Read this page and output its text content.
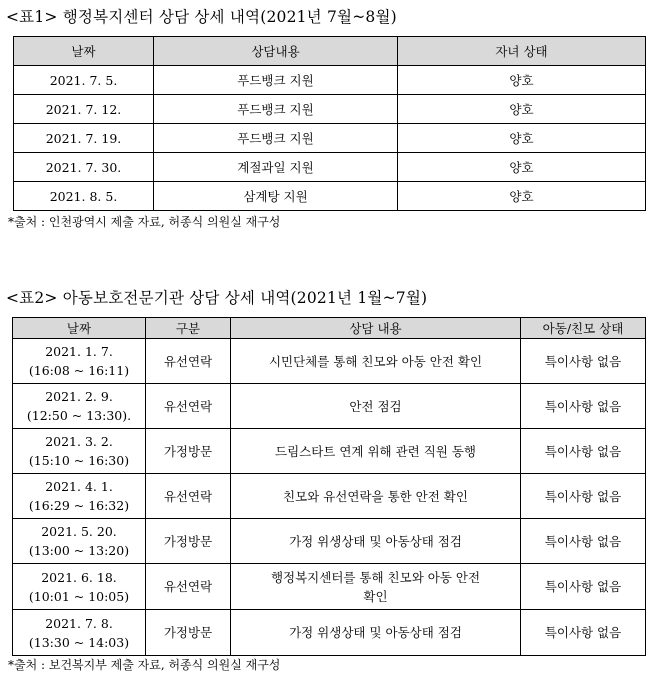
<표1> 행정복지센터 상담 상세 내역(2021년 7월~8월)
날짜	상담내용	자녀 상태
2021. 7. 5.	푸드뱅크 지원	양호
2021. 7. 12.	푸드뱅크 지원	양호
2021. 7. 19.	푸드뱅크 지원	양호
2021. 7. 30.	계절과일 지원	양호
2021. 8. 5.	삼계탕 지원	양호
*출처 : 인천광역시 제출 자료, 허종식 의원실 재구성
<표2> 아동보호전문기관 상담 상세 내역(2021년 1월~7월)
날짜	구분	상담 내용	아동/친모 상태

2021. 1. 7.
(16:08 ~ 16:11)	유선연락	시민단체를 통해 친모와 아동 안전 확인	특이사항 없음

2021. 2. 9.
(12:50 ~ 13:30).	유선연락	안전 점검	특이사항 없음

2021. 3. 2.
(15:10 ~ 16:30)	가정방문	드림스타트 연계 위해 관련 직원 동행	특이사항 없음

2021. 4. 1.
(16:29 ~ 16:32)	유선연락	친모와 유선연락을 통한 안전 확인	특이사항 없음

2021. 5. 20.
(13:00 ~ 13:20)	가정방문	가정 위생상태 및 아동상태 점검	특이사항 없음

2021. 6. 18.
(10:01 ~ 10:05)	유선연락	행정복지센터를 통해 친모와 아동 안전
확인	특이사항 없음

2021. 7. 8.
(13:30 ~ 14:03)	가정방문	가정 위생상태 및 아동상태 점검	특이사항 없음
*출처 : 보건복지부 제출 자료, 허종식 의원실 재구성
